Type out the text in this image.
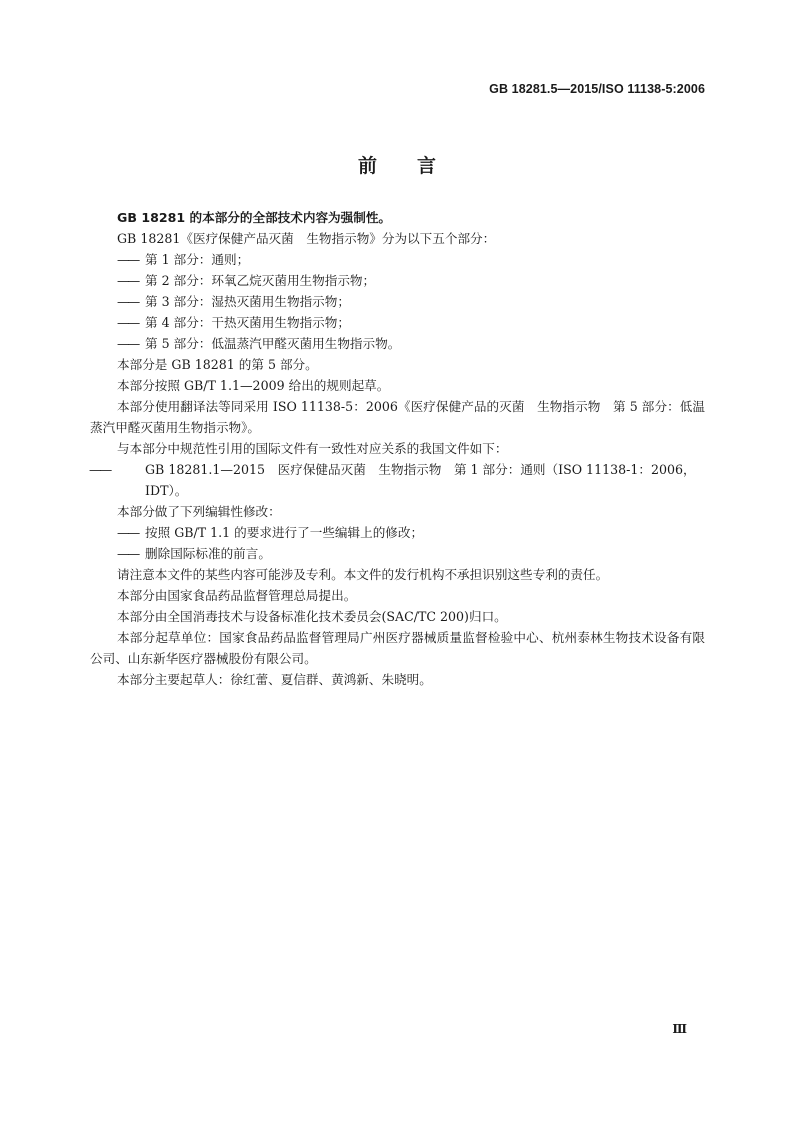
GB 18281.5—2015/ISO 11138-5:2006
前 言

GB 18281 的本部分的全部技术内容为强制性。

GB 18281《医疗保健产品灭菌　生物指示物》分为以下五个部分：

—— 第 1 部分：通则；

—— 第 2 部分：环氧乙烷灭菌用生物指示物；

—— 第 3 部分：湿热灭菌用生物指示物；

—— 第 4 部分：干热灭菌用生物指示物；

—— 第 5 部分：低温蒸汽甲醛灭菌用生物指示物。

本部分是 GB 18281 的第 5 部分。

本部分按照 GB/T 1.1—2009 给出的规则起草。

本部分使用翻译法等同采用 ISO 11138-5：2006《医疗保健产品的灭菌　生物指示物　第 5 部分：低温蒸汽甲醛灭菌用生物指示物》。

与本部分中规范性引用的国际文件有一致性对应关系的我国文件如下：

——	GB 18281.1—2015　医疗保健品灭菌　生物指示物　第 1 部分：通则（ISO 11138-1：2006，IDT）。

本部分做了下列编辑性修改：

—— 按照 GB/T 1.1 的要求进行了一些编辑上的修改；

—— 删除国际标准的前言。

请注意本文件的某些内容可能涉及专利。本文件的发行机构不承担识别这些专利的责任。

本部分由国家食品药品监督管理总局提出。

本部分由全国消毒技术与设备标准化技术委员会(SAC/TC 200)归口。

本部分起草单位：国家食品药品监督管理局广州医疗器械质量监督检验中心、杭州泰林生物技术设备有限公司、山东新华医疗器械股份有限公司。

本部分主要起草人：徐红蕾、夏信群、黄鸿新、朱晓明。

Ⅲ
